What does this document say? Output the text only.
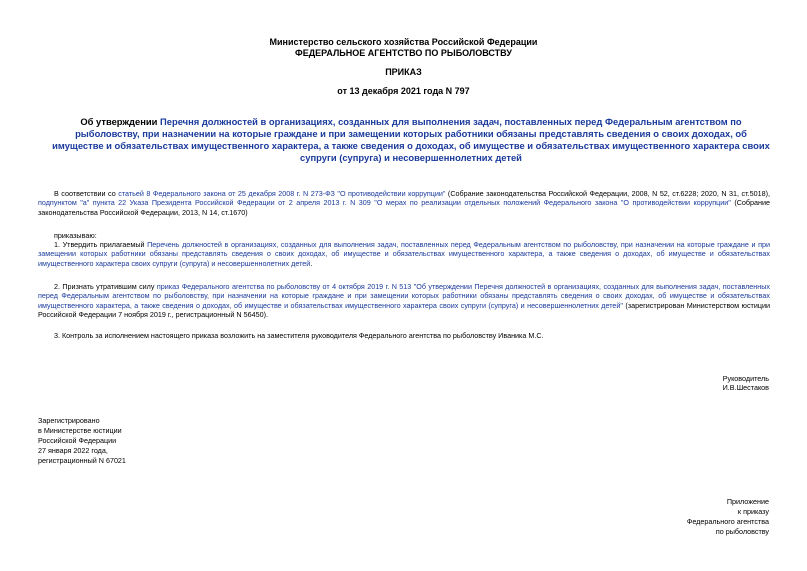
Министерство сельского хозяйства Российской Федерации
ФЕДЕРАЛЬНОЕ АГЕНТСТВО ПО РЫБОЛОВСТВУ
ПРИКАЗ
от 13 декабря 2021 года N 797
Об утверждении Перечня должностей в организациях, созданных для выполнения задач, поставленных перед Федеральным агентством по рыболовству, при назначении на которые граждане и при замещении которых работники обязаны представлять сведения о своих доходах, об имуществе и обязательствах имущественного характера, а также сведения о доходах, об имуществе и обязательствах имущественного характера своих супруги (супруга) и несовершеннолетних детей
В соответствии со статьей 8 Федерального закона от 25 декабря 2008 г. N 273-ФЗ "О противодействии коррупции" (Собрание законодательства Российской Федерации, 2008, N 52, ст.6228; 2020, N 31, ст.5018), подпунктом "а" пункта 22 Указа Президента Российской Федерации от 2 апреля 2013 г. N 309 "О мерах по реализации отдельных положений Федерального закона "О противодействии коррупции" (Собрание законодательства Российской Федерации, 2013, N 14, ст.1670)
приказываю:
1. Утвердить прилагаемый Перечень должностей в организациях, созданных для выполнения задач, поставленных перед Федеральным агентством по рыболовству, при назначении на которые граждане и при замещении которых работники обязаны представлять сведения о своих доходах, об имуществе и обязательствах имущественного характера, а также сведения о доходах, об имуществе и обязательствах имущественного характера своих супруги (супруга) и несовершеннолетних детей.
2. Признать утратившим силу приказ Федерального агентства по рыболовству от 4 октября 2019 г. N 513 "Об утверждении Перечня должностей в организациях, созданных для выполнения задач, поставленных перед Федеральным агентством по рыболовству, при назначении на которые граждане и при замещении которых работники обязаны представлять сведения о своих доходах, об имуществе и обязательствах имущественного характера, а также сведения о доходах, об имуществе и обязательствах имущественного характера своих супруги (супруга) и несовершеннолетних детей" (зарегистрирован Министерством юстиции Российской Федерации 7 ноября 2019 г., регистрационный N 56450).
3. Контроль за исполнением настоящего приказа возложить на заместителя руководителя Федерального агентства по рыболовству Иваника М.С.

Руководитель

И.В.Шестаков

Зарегистрировано

в Министерстве юстиции

Российской Федерации

27 января 2022 года,

регистрационный N 67021

Приложение

к приказу

Федерального агентства

по рыболовству
